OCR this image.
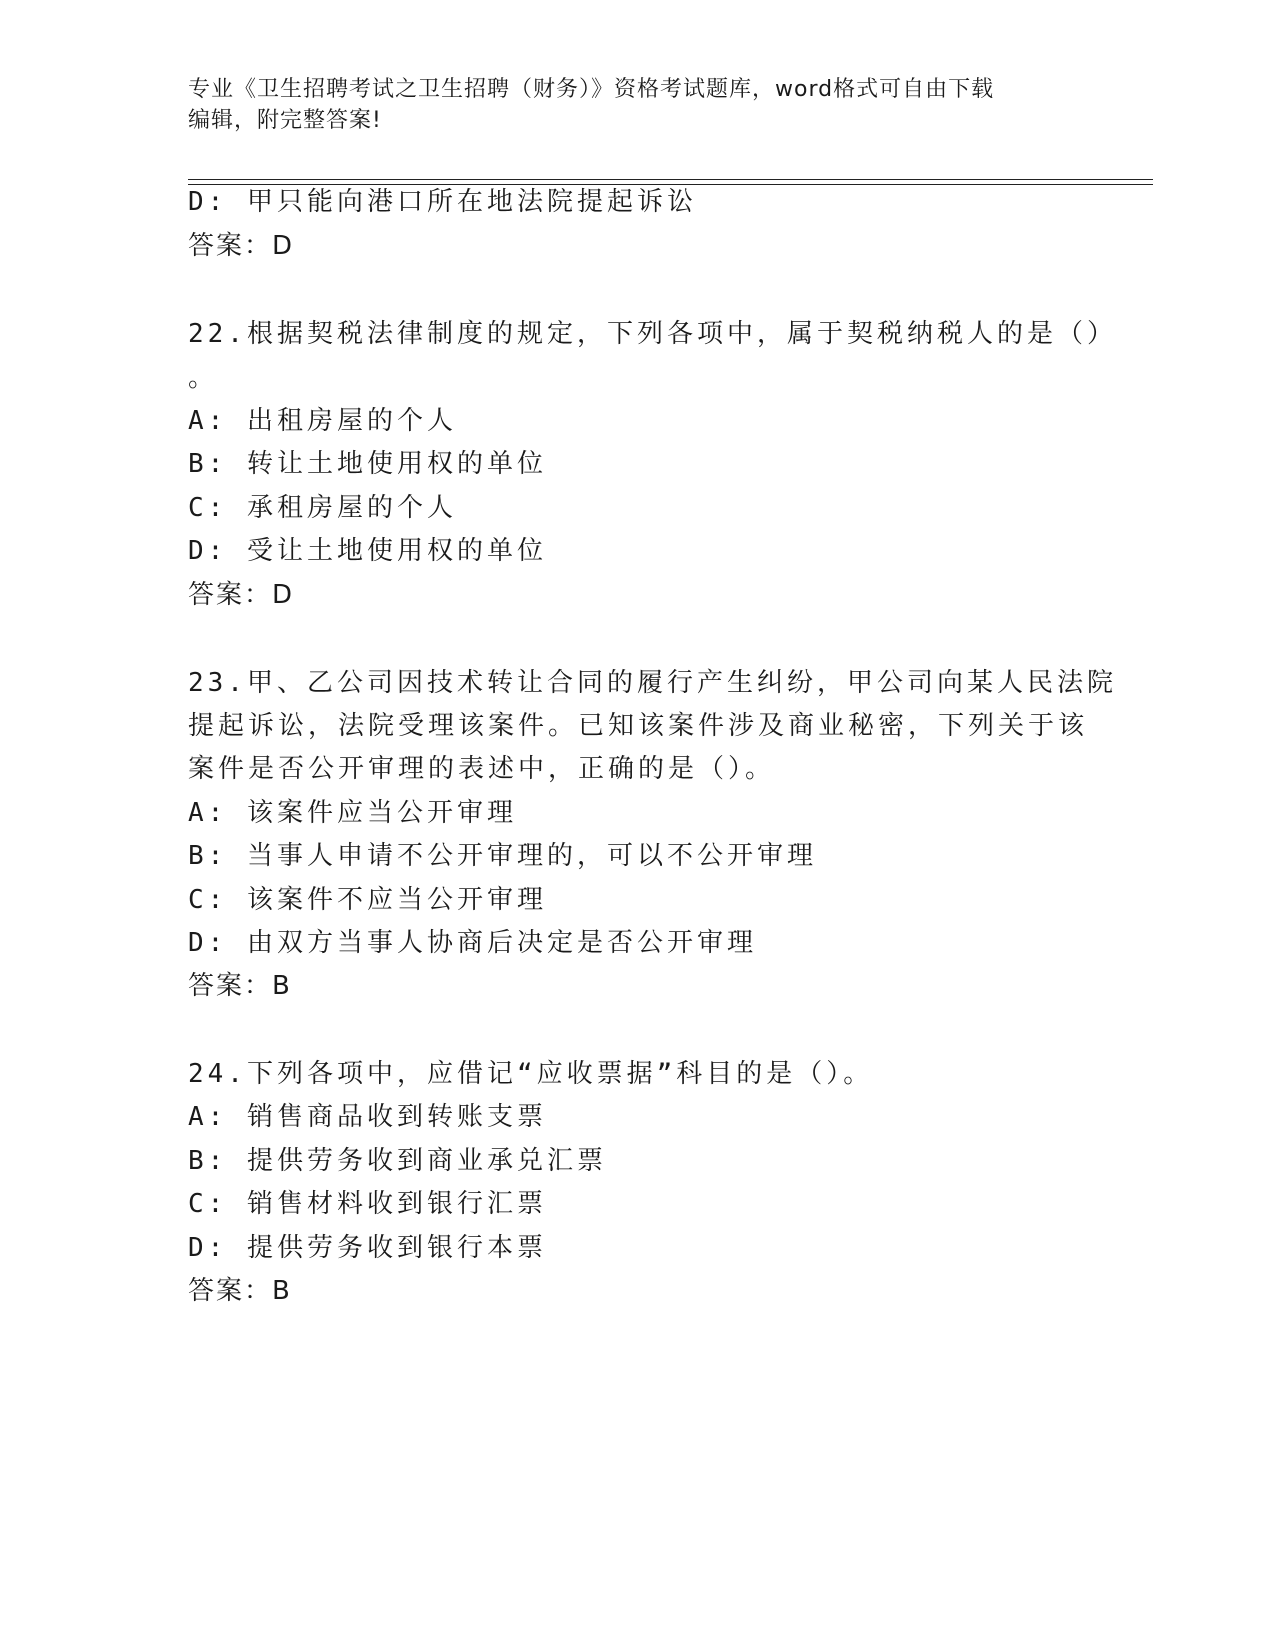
专业《卫生招聘考试之卫生招聘（财务）》资格考试题库，word格式可自由下载
编辑，附完整答案!
D: 甲只能向港口所在地法院提起诉讼
答案：D
22.根据契税法律制度的规定，下列各项中，属于契税纳税人的是（）
。
A: 出租房屋的个人
B: 转让土地使用权的单位
C: 承租房屋的个人
D: 受让土地使用权的单位
答案：D
23.甲、乙公司因技术转让合同的履行产生纠纷，甲公司向某人民法院
提起诉讼，法院受理该案件。已知该案件涉及商业秘密，下列关于该
案件是否公开审理的表述中，正确的是（）。
A: 该案件应当公开审理
B: 当事人申请不公开审理的，可以不公开审理
C: 该案件不应当公开审理
D: 由双方当事人协商后决定是否公开审理
答案：B
24.下列各项中，应借记“应收票据”科目的是（）。
A: 销售商品收到转账支票
B: 提供劳务收到商业承兑汇票
C: 销售材料收到银行汇票
D: 提供劳务收到银行本票
答案：B
